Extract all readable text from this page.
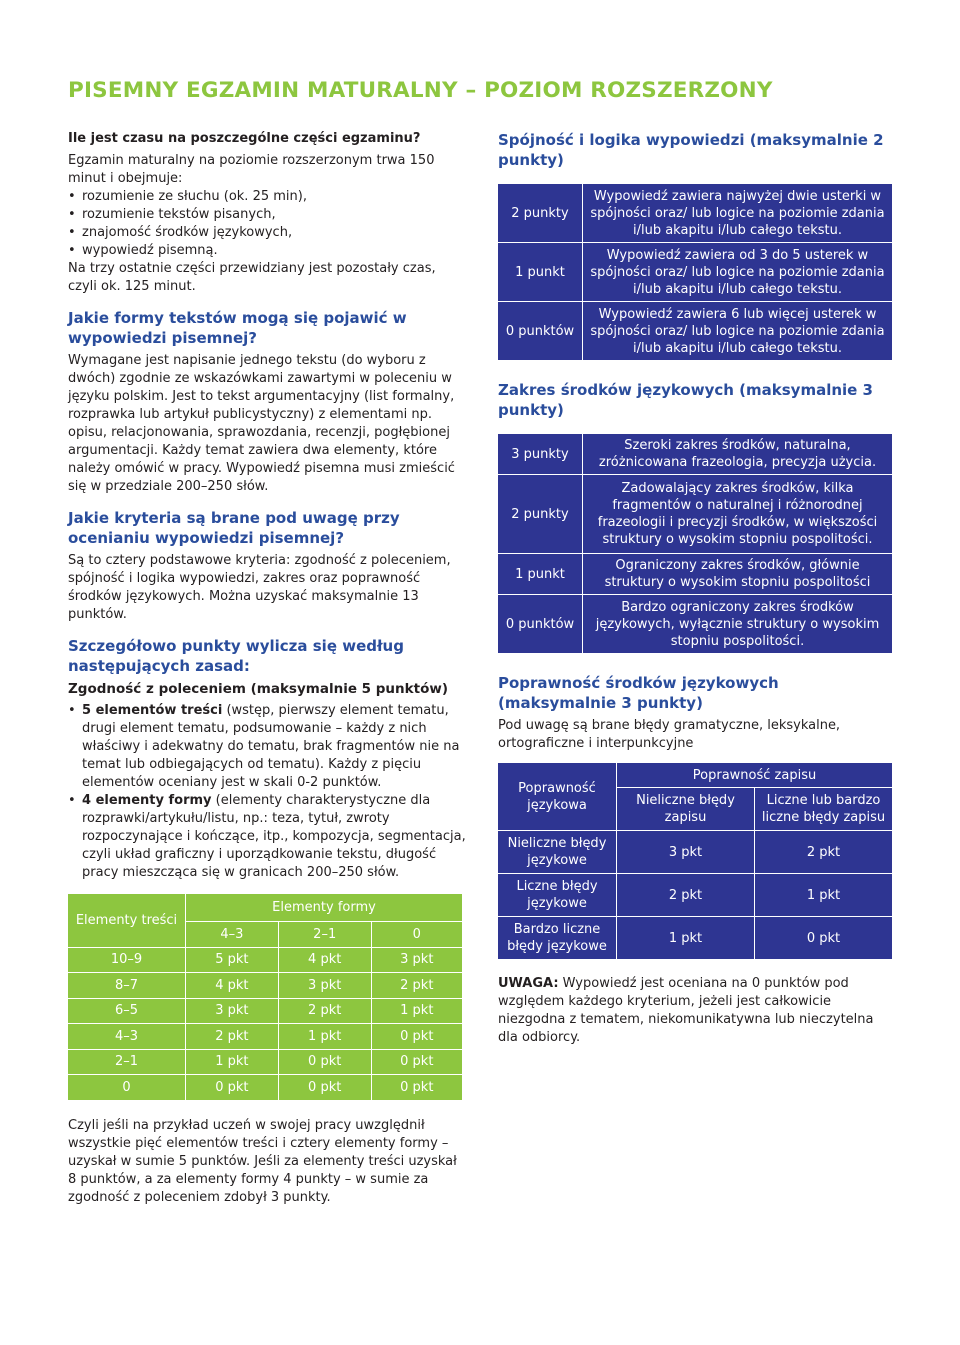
PISEMNY EGZAMIN MATURALNY – POZIOM ROZSZERZONY
Ile jest czasu na poszczególne części egzaminu?

Egzamin maturalny na poziomie rozszerzonym trwa 150 minut i obejmuje:

• rozumienie ze słuchu (ok. 25 min),
• rozumienie tekstów pisanych,
• znajomość środków językowych,
• wypowiedź pisemną.

Na trzy ostatnie części przewidziany jest pozostały czas, czyli ok. 125 minut.

Jakie formy tekstów mogą się pojawić w wypowiedzi pisemnej?

Wymagane jest napisanie jednego tekstu (do wyboru z dwóch) zgodnie ze wskazówkami zawartymi w poleceniu w języku polskim. Jest to tekst argumentacyjny (list formalny, rozprawka lub artykuł publicystyczny) z elementami np. opisu, relacjonowania, sprawozdania, recenzji, pogłębionej argumentacji. Każdy temat zawiera dwa elementy, które należy omówić w pracy. Wypowiedź pisemna musi zmieścić się w przedziale 200–250 słów.

Jakie kryteria są brane pod uwagę przy ocenianiu wypowiedzi pisemnej?

Są to cztery podstawowe kryteria: zgodność z poleceniem, spójność i logika wypowiedzi, zakres oraz poprawność środków językowych. Można uzyskać maksymalnie 13 punktów.

Szczegółowo punkty wylicza się według następujących zasad:
Zgodność z poleceniem (maksymalnie 5 punktów)
• 5 elementów treści (wstęp, pierwszy element tematu, drugi element tematu, podsumowanie – każdy z nich właściwy i adekwatny do tematu, brak fragmentów nie na temat lub odbiegających od tematu). Każdy z pięciu elementów oceniany jest w skali 0-2 punktów.
• 4 elementy formy (elementy charakterystyczne dla rozprawki/artykułu/listu, np.: teza, tytuł, zwroty rozpoczynające i kończące, itp., kompozycja, segmentacja, czyli układ graficzny i uporządkowanie tekstu, długość pracy mieszcząca się w granicach 200–250 słów.
Elementy treści	Elementy formy		
	4–3	2–1	0
10–9	5 pkt	4 pkt	3 pkt
8–7	4 pkt	3 pkt	2 pkt
6–5	3 pkt	2 pkt	1 pkt
4–3	2 pkt	1 pkt	0 pkt
2–1	1 pkt	0 pkt	0 pkt
0	0 pkt	0 pkt	0 pkt

Czyli jeśli na przykład uczeń w swojej pracy uwzględnił wszystkie pięć elementów treści i cztery elementy formy – uzyskał w sumie 5 punktów. Jeśli za elementy treści uzyskał 8 punktów, a za elementy formy 4 punkty – w sumie za zgodność z poleceniem zdobył 3 punkty.

Spójność i logika wypowiedzi (maksymalnie 2 punkty)
2 punkty
Wypowiedź zawiera najwyżej dwie usterki w spójności oraz/ lub logice na poziomie zdania i/lub akapitu i/lub całego tekstu.
1 punkt
Wypowiedź zawiera od 3 do 5 usterek w spójności oraz/ lub logice na poziomie zdania i/lub akapitu i/lub całego tekstu.
0 punktów
Wypowiedź zawiera 6 lub więcej usterek w spójności oraz/ lub logice na poziomie zdania i/lub akapitu i/lub całego tekstu.
Zakres środków językowych (maksymalnie 3 punkty)
3 punkty
Szeroki zakres środków, naturalna, zróżnicowana frazeologia, precyzja użycia.
2 punkty
Zadowalający zakres środków, kilka fragmentów o naturalnej i różnorodnej frazeologii i precyzji środków, w większości struktury o wysokim stopniu pospolitości.
1 punkt
Ograniczony zakres środków, głównie struktury o wysokim stopniu pospolitości
0 punktów
Bardzo ograniczony zakres środków językowych, wyłącznie struktury o wysokim stopniu pospolitości.
Poprawność środków językowych (maksymalnie 3 punkty)

Pod uwagę są brane błędy gramatyczne, leksykalne, ortograficzne i interpunkcyjne

Poprawność językowa
Poprawność zapisu
Nieliczne błędy zapisu
Liczne lub bardzo liczne błędy zapisu
Nieliczne błędy językowe
3 pkt	2 pkt
Liczne błędy językowe
2 pkt	1 pkt
Bardzo liczne błędy językowe
1 pkt	0 pkt

UWAGA: Wypowiedź jest oceniana na 0 punktów pod względem każdego kryterium, jeżeli jest całkowicie niezgodna z tematem, niekomunikatywna lub nieczytelna dla odbiorcy.
